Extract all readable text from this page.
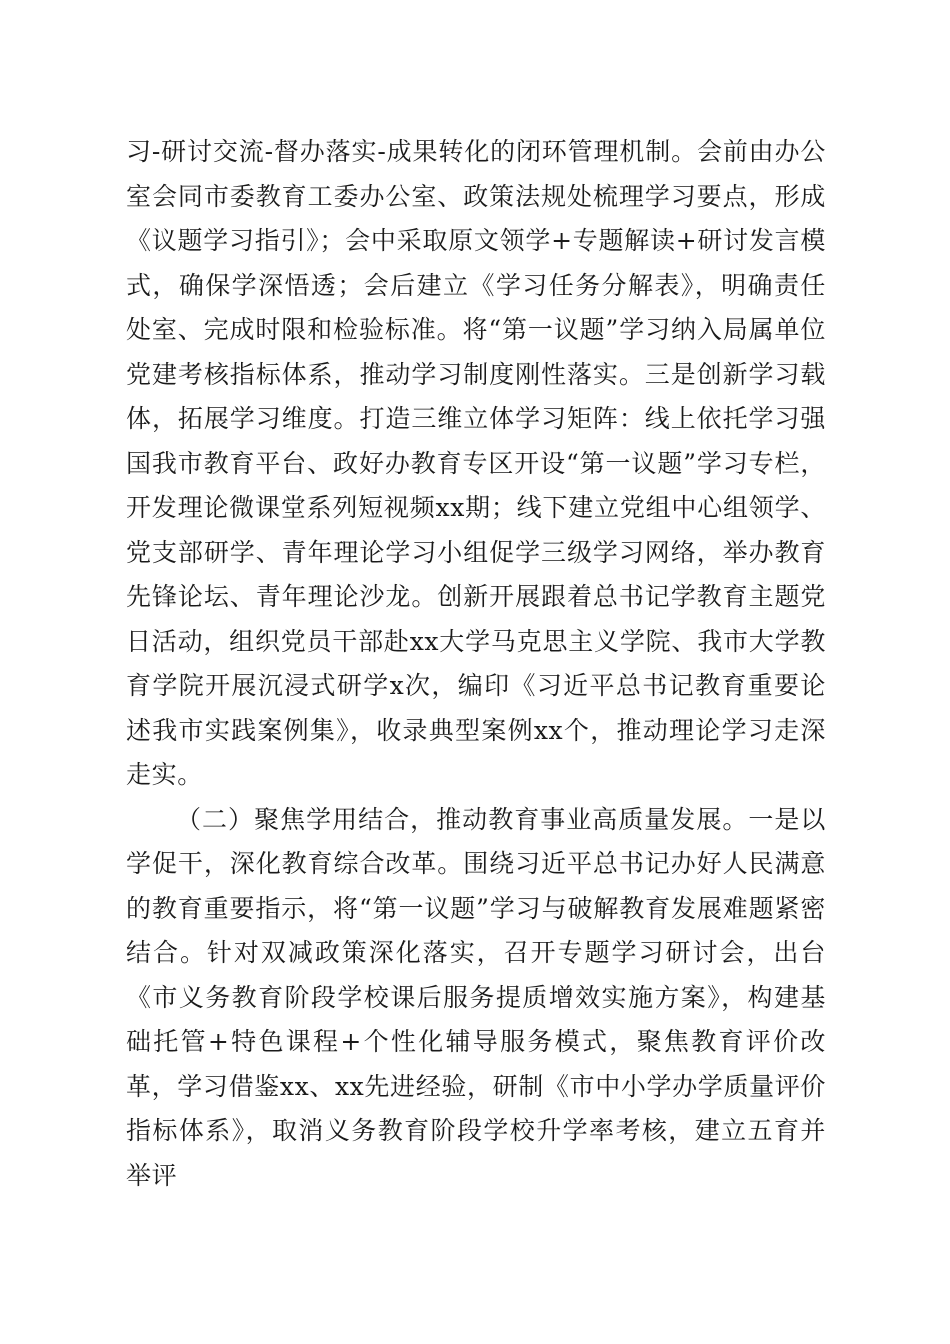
习-研讨交流-督办落实-成果转化的闭环管理机制。会前由办公室会同市委教育工委办公室、政策法规处梳理学习要点，形成《议题学习指引》；会中采取原文领学+专题解读+研讨发言模式，确保学深悟透；会后建立《学习任务分解表》，明确责任处室、完成时限和检验标准。将“第一议题”学习纳入局属单位党建考核指标体系，推动学习制度刚性落实。三是创新学习载体，拓展学习维度。打造三维立体学习矩阵：线上依托学习强国我市教育平台、政好办教育专区开设“第一议题”学习专栏，开发理论微课堂系列短视频xx期；线下建立党组中心组领学、党支部研学、青年理论学习小组促学三级学习网络，举办教育先锋论坛、青年理论沙龙。创新开展跟着总书记学教育主题党日活动，组织党员干部赴xx大学马克思主义学院、我市大学教育学院开展沉浸式研学x次，编印《习近平总书记教育重要论述我市实践案例集》，收录典型案例xx个，推动理论学习走深走实。

（二）聚焦学用结合，推动教育事业高质量发展。一是以学促干，深化教育综合改革。围绕习近平总书记办好人民满意的教育重要指示，将“第一议题”学习与破解教育发展难题紧密结合。针对双减政策深化落实，召开专题学习研讨会，出台《市义务教育阶段学校课后服务提质增效实施方案》，构建基础托管+特色课程+个性化辅导服务模式，聚焦教育评价改革，学习借鉴xx、xx先进经验，研制《市中小学办学质量评价指标体系》，取消义务教育阶段学校升学率考核，建立五育并举评
